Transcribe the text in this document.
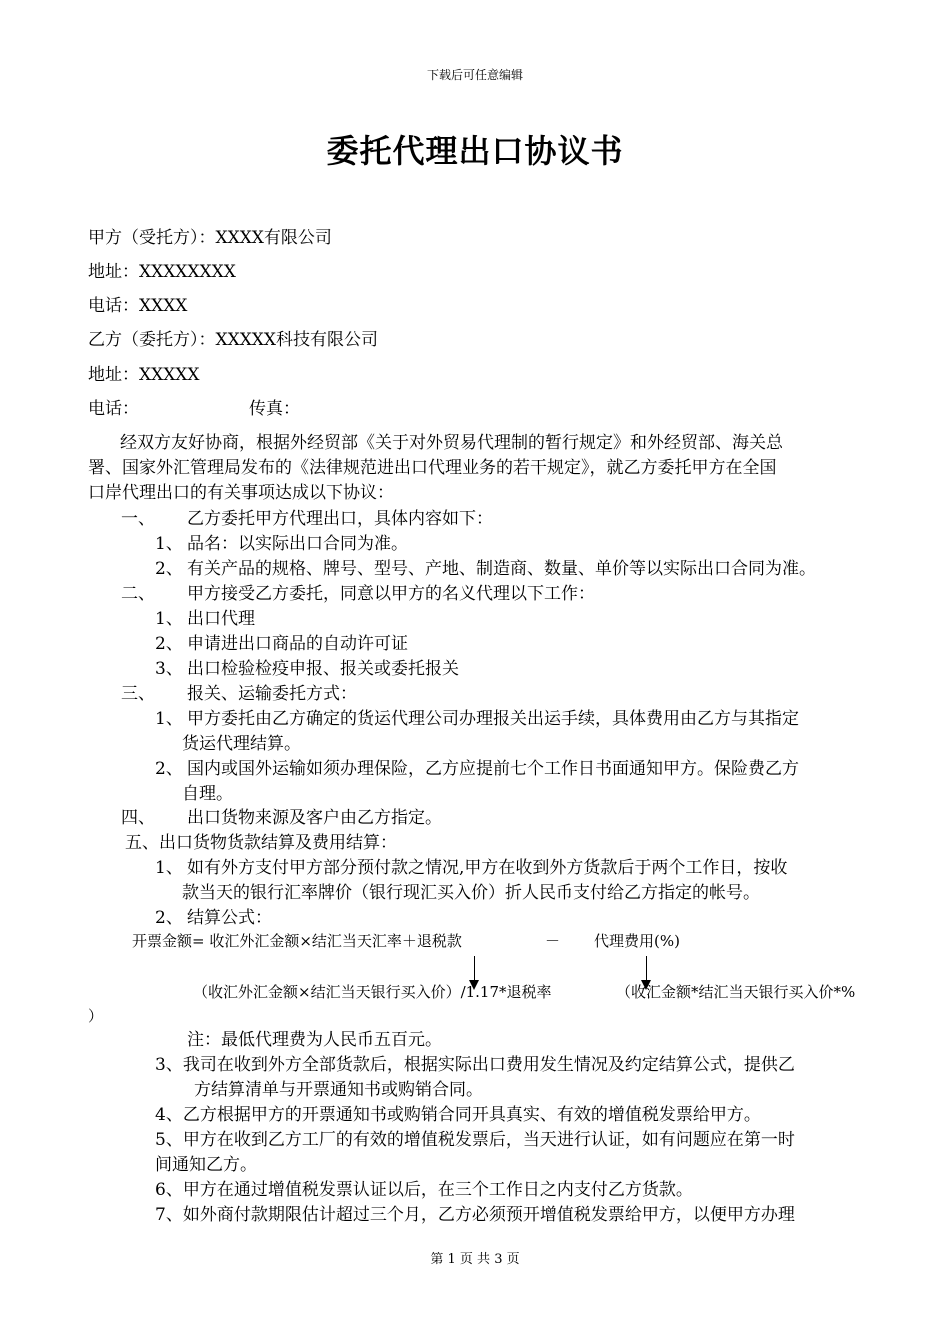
下载后可任意编辑
委托代理出口协议书
甲方（受托方）：XXXX有限公司
地址：XXXXXXXX
电话：XXXX
乙方（委托方）：XXXXX科技有限公司
地址：XXXXX
电话：	传真：
经双方友好协商，根据外经贸部《关于对外贸易代理制的暂行规定》和外经贸部、海关总
署、国家外汇管理局发布的《法律规范进出口代理业务的若干规定》，就乙方委托甲方在全国
口岸代理出口的有关事项达成以下协议：
一、 乙方委托甲方代理出口，具体内容如下：
1、 品名：以实际出口合同为准。
2、 有关产品的规格、牌号、型号、产地、制造商、数量、单价等以实际出口合同为准。
二、 甲方接受乙方委托，同意以甲方的名义代理以下工作：
1、 出口代理
2、 申请进出口商品的自动许可证
3、 出口检验检疫申报、报关或委托报关
三、 报关、运输委托方式：
1、 甲方委托由乙方确定的货运代理公司办理报关出运手续，具体费用由乙方与其指定
货运代理结算。
2、 国内或国外运输如须办理保险，乙方应提前七个工作日书面通知甲方。保险费乙方
自理。
四、 出口货物来源及客户由乙方指定。
五、出口货物货款结算及费用结算：
1、 如有外方支付甲方部分预付款之情况,甲方在收到外方货款后于两个工作日，按收
款当天的银行汇率牌价（银行现汇买入价）折人民币支付给乙方指定的帐号。
2、 结算公式：
开票金额= 收汇外汇金额×结汇当天汇率＋退税款	－ 代理费用(%)
（收汇外汇金额×结汇当天银行买入价）/1.17*退税率	（收汇金额*结汇当天银行买入价*%
）
注：最低代理费为人民币五百元。
3、我司在收到外方全部货款后，根据实际出口费用发生情况及约定结算公式，提供乙
方结算清单与开票通知书或购销合同。
4、乙方根据甲方的开票通知书或购销合同开具真实、有效的增值税发票给甲方。
5、甲方在收到乙方工厂的有效的增值税发票后，当天进行认证，如有问题应在第一时
间通知乙方。
6、甲方在通过增值税发票认证以后，在三个工作日之内支付乙方货款。
7、如外商付款期限估计超过三个月，乙方必须预开增值税发票给甲方，以便甲方办理
第 1 页 共 3 页
